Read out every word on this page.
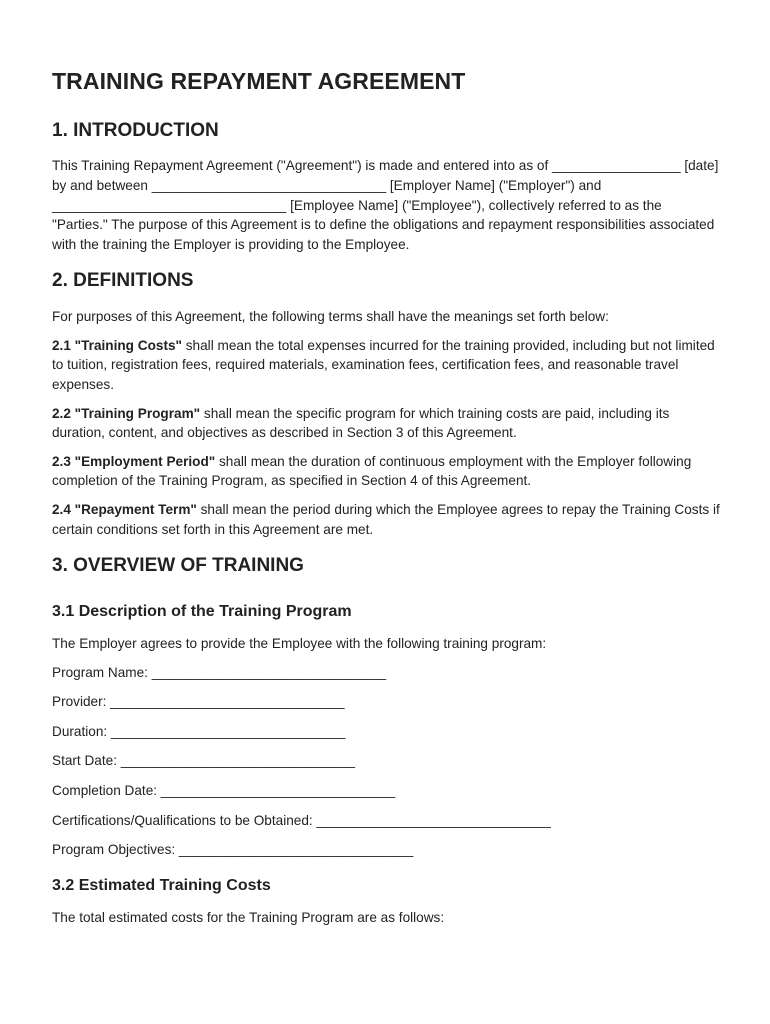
TRAINING REPAYMENT AGREEMENT
1. INTRODUCTION

This Training Repayment Agreement ("Agreement") is made and entered into as of _________________ [date] by and between _______________________________ [Employer Name] ("Employer") and _______________________________ [Employee Name] ("Employee"), collectively referred to as the "Parties." The purpose of this Agreement is to define the obligations and repayment responsibilities associated with the training the Employer is providing to the Employee.

2. DEFINITIONS

For purposes of this Agreement, the following terms shall have the meanings set forth below:

2.1 "Training Costs" shall mean the total expenses incurred for the training provided, including but not limited to tuition, registration fees, required materials, examination fees, certification fees, and reasonable travel expenses.

2.2 "Training Program" shall mean the specific program for which training costs are paid, including its duration, content, and objectives as described in Section 3 of this Agreement.

2.3 "Employment Period" shall mean the duration of continuous employment with the Employer following completion of the Training Program, as specified in Section 4 of this Agreement.

2.4 "Repayment Term" shall mean the period during which the Employee agrees to repay the Training Costs if certain conditions set forth in this Agreement are met.

3. OVERVIEW OF TRAINING
3.1 Description of the Training Program

The Employer agrees to provide the Employee with the following training program:

Program Name: _______________________________

Provider: _______________________________

Duration: _______________________________

Start Date: _______________________________

Completion Date: _______________________________

Certifications/Qualifications to be Obtained: _______________________________

Program Objectives: _______________________________

3.2 Estimated Training Costs

The total estimated costs for the Training Program are as follows:
